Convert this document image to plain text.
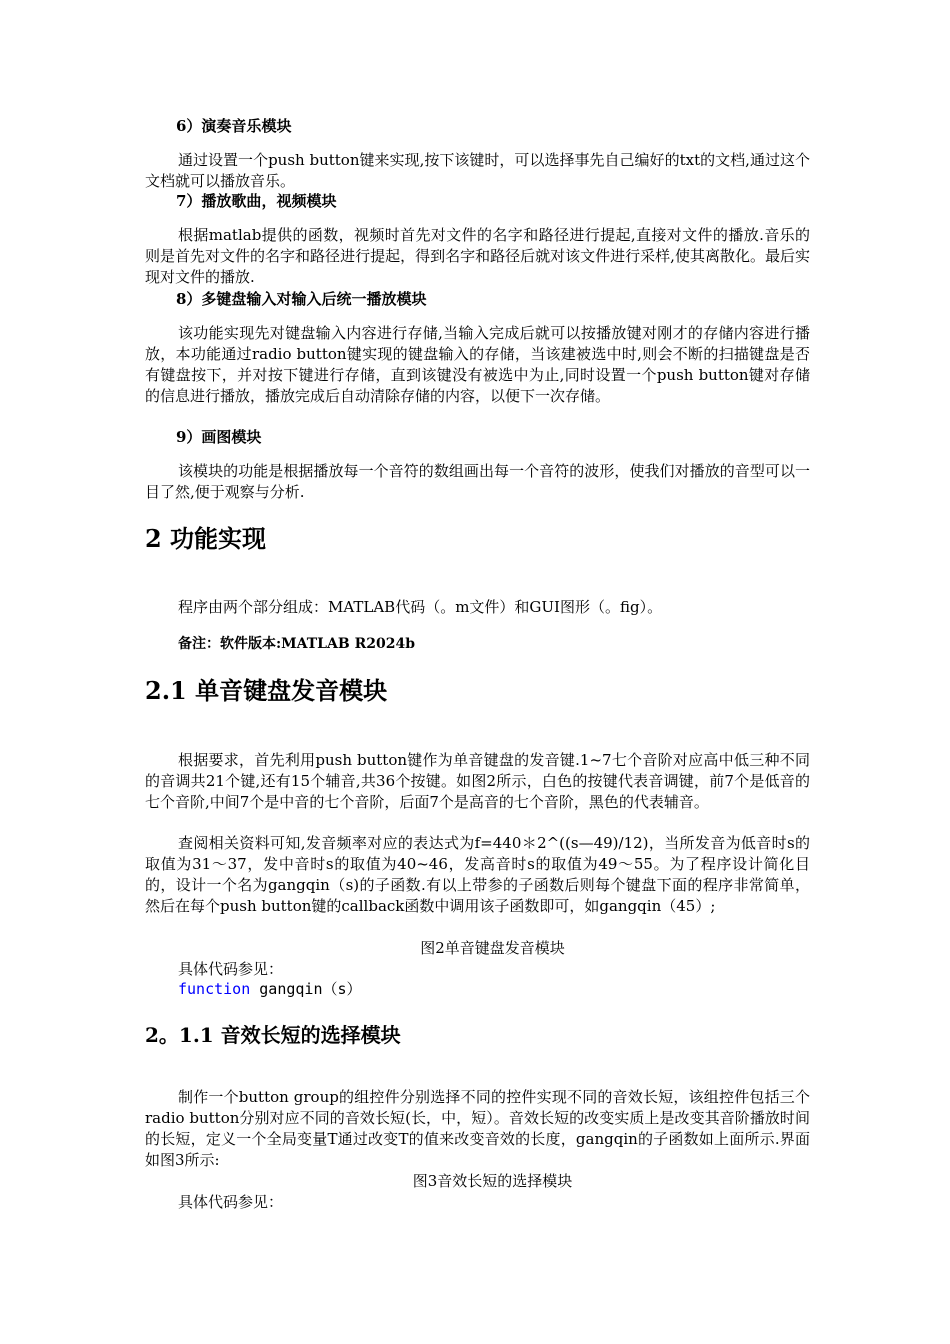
6）演奏音乐模块
通过设置一个push button键来实现,按下该键时，可以选择事先自己编好的txt的文档,通过这个文档就可以播放音乐。
7）播放歌曲，视频模块
根据matlab提供的函数，视频时首先对文件的名字和路径进行提起,直接对文件的播放.音乐的则是首先对文件的名字和路径进行提起，得到名字和路径后就对该文件进行采样,使其离散化。最后实现对文件的播放.
8）多键盘输入对输入后统一播放模块
该功能实现先对键盘输入内容进行存储,当输入完成后就可以按播放键对刚才的存储内容进行播放，本功能通过radio button键实现的键盘输入的存储，当该建被选中时,则会不断的扫描键盘是否有键盘按下，并对按下键进行存储，直到该键没有被选中为止,同时设置一个push button键对存储的信息进行播放，播放完成后自动清除存储的内容，以便下一次存储。
9）画图模块
该模块的功能是根据播放每一个音符的数组画出每一个音符的波形，使我们对播放的音型可以一目了然,便于观察与分析.
2 功能实现
程序由两个部分组成：MATLAB代码（。m文件）和GUI图形（。fig）。
备注：软件版本:MATLAB R2024b
2.1 单音键盘发音模块
根据要求，首先利用push button键作为单音键盘的发音键.1~7七个音阶对应高中低三种不同的音调共21个键,还有15个辅音,共36个按键。如图2所示，白色的按键代表音调键，前7个是低音的七个音阶,中间7个是中音的七个音阶，后面7个是高音的七个音阶，黑色的代表辅音。
查阅相关资料可知,发音频率对应的表达式为f=440＊2^((s—49)/12)，当所发音为低音时s的取值为31～37，发中音时s的取值为40~46，发高音时s的取值为49～55。为了程序设计简化目的，设计一个名为gangqin（s)的子函数.有以上带参的子函数后则每个键盘下面的程序非常简单，然后在每个push button键的callback函数中调用该子函数即可，如gangqin（45）;
图2单音键盘发音模块
具体代码参见：
function gangqin（s）
2。1.1 音效长短的选择模块
制作一个button group的组控件分别选择不同的控件实现不同的音效长短，该组控件包括三个radio button分别对应不同的音效长短(长，中，短）。音效长短的改变实质上是改变其音阶播放时间的长短，定义一个全局变量T通过改变T的值来改变音效的长度，gangqin的子函数如上面所示.界面如图3所示:
图3音效长短的选择模块
具体代码参见：
